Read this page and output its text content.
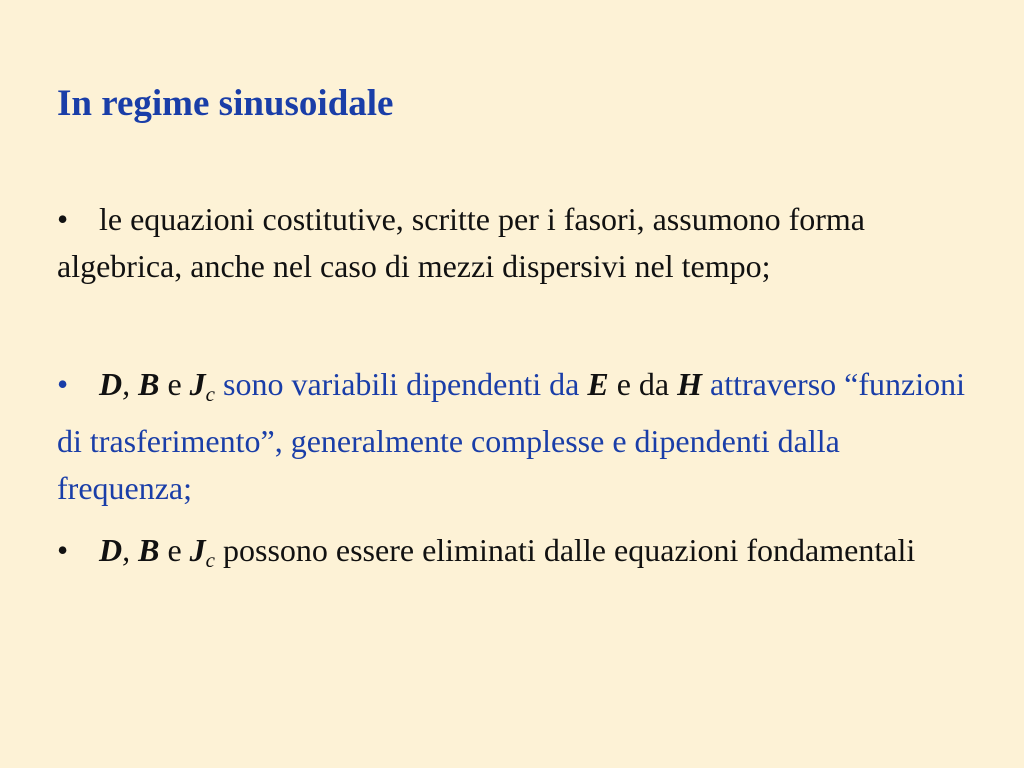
In regime sinusoidale

• le equazioni costitutive, scritte per i fasori, assumono forma algebrica, anche nel caso di mezzi dispersivi nel tempo;

• D, B e $J_c$ sono variabili dipendenti da E e da H attraverso “funzioni di trasferimento”, generalmente complesse e dipendenti dalla frequenza;

• D, B e $J_c$ possono essere eliminati dalle equazioni fondamentali
